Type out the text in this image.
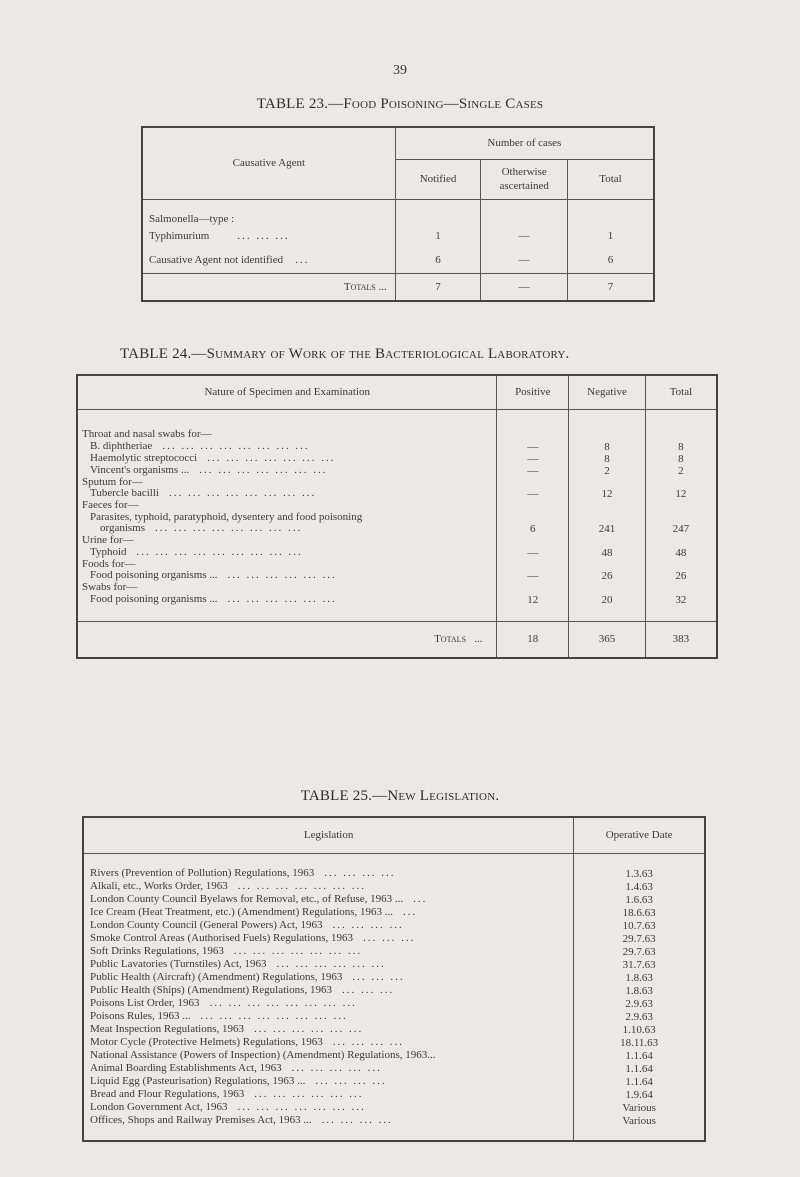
39
TABLE 23.—Food Poisoning—Single Cases
Causative Agent	Number of cases		
	Notified	Otherwise ascertained	Total
Salmonella—type :			
Typhimurium ... ... ...	1	—	1
Causative Agent not identified ...	6	—	6
Totals ...	7	—	7
TABLE 24.—Summary of Work of the Bacteriological Laboratory.
Nature of Specimen and Examination	Positive	Negative	Total

Throat and nasal swabs for—			
B. diphtheriae ... ... ... ... ... ... ... ...	—	8	8
Haemolytic streptococci ... ... ... ... ... ... ...	—	8	8
Vincent's organisms ... ... ... ... ... ... ... ...	—	2	2
Sputum for—			
Tubercle bacilli ... ... ... ... ... ... ... ...	—	12	12
Faeces for—			
Parasites, typhoid, paratyphoid, dysentery and food poisoning			
organisms ... ... ... ... ... ... ... ...	6	241	247
Urine for—			
Typhoid ... ... ... ... ... ... ... ... ...	—	48	48
Foods for—			
Food poisoning organisms ... ... ... ... ... ... ...	—	26	26
Swabs for—			
Food poisoning organisms ... ... ... ... ... ... ...	12	20	32

Totals ...	18	365	383
TABLE 25.—New Legislation.
Legislation	Operative Date

Rivers (Prevention of Pollution) Regulations, 1963 ... ... ... ...	1.3.63
Alkali, etc., Works Order, 1963 ... ... ... ... ... ... ...	1.4.63
London County Council Byelaws for Removal, etc., of Refuse, 1963 ... ...	1.6.63
Ice Cream (Heat Treatment, etc.) (Amendment) Regulations, 1963 ... ...	18.6.63
London County Council (General Powers) Act, 1963 ... ... ... ...	10.7.63
Smoke Control Areas (Authorised Fuels) Regulations, 1963 ... ... ...	29.7.63
Soft Drinks Regulations, 1963 ... ... ... ... ... ... ...	29.7.63
Public Lavatories (Turnstiles) Act, 1963 ... ... ... ... ... ...	31.7.63
Public Health (Aircraft) (Amendment) Regulations, 1963 ... ... ...	1.8.63
Public Health (Ships) (Amendment) Regulations, 1963 ... ... ...	1.8.63
Poisons List Order, 1963 ... ... ... ... ... ... ... ...	2.9.63
Poisons Rules, 1963 ... ... ... ... ... ... ... ... ...	2.9.63
Meat Inspection Regulations, 1963 ... ... ... ... ... ...	1.10.63
Motor Cycle (Protective Helmets) Regulations, 1963 ... ... ... ...	18.11.63
National Assistance (Powers of Inspection) (Amendment) Regulations, 1963...	1.1.64
Animal Boarding Establishments Act, 1963 ... ... ... ... ...	1.1.64
Liquid Egg (Pasteurisation) Regulations, 1963 ... ... ... ... ...	1.1.64
Bread and Flour Regulations, 1963 ... ... ... ... ... ...	1.9.64
London Government Act, 1963 ... ... ... ... ... ... ...	Various
Offices, Shops and Railway Premises Act, 1963 ... ... ... ... ...	Various
